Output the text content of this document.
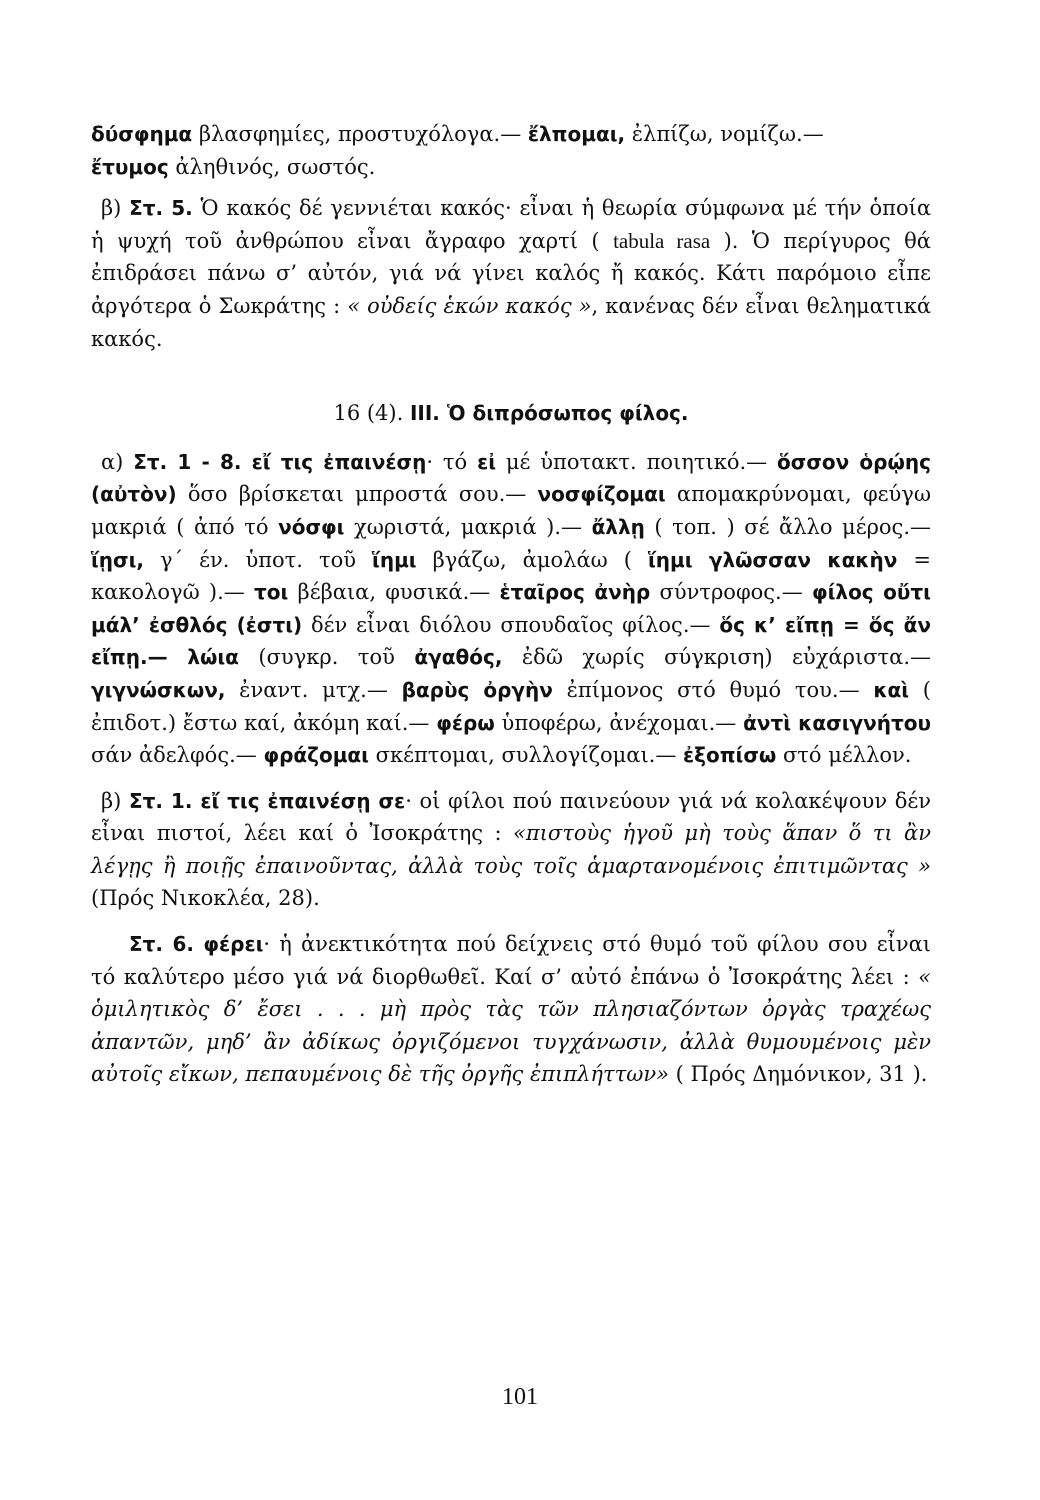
δύσφημα βλασφημίες, προστυχόλογα.— ἔλπομαι, ἐλπίζω, νομίζω.—
ἔτυμος ἀληθινός, σωστός.

β) Στ. 5. Ὁ κακός δέ γεννιέται κακός· εἶναι ἡ θεωρία σύμφωνα μέ τήν ὁποία ἡ ψυχή τοῦ ἀνθρώπου εἶναι ἄγραφο χαρτί ( tabula rasa ). Ὁ περίγυρος θά ἐπιδράσει πάνω σ’ αὐτόν, γιά νά γίνει καλός ἤ κακός. Κάτι παρόμοιο εἶπε ἀργότερα ὁ Σωκράτης : « οὐδείς ἑκών κακός », κανένας δέν εἶναι θεληματικά κακός.

16 (4). III. Ὁ διπρόσωπος φίλος.

α) Στ. 1 - 8. εἴ τις ἐπαινέσῃ· τό εἰ μέ ὑποτακτ. ποιητικό.— ὅσσον ὁρῴης (αὐτὸν) ὅσο βρίσκεται μπροστά σου.— νοσφίζομαι απομακρύνομαι, φεύγω μακριά ( ἀπό τό νόσφι χωριστά, μακριά ).— ἄλλῃ ( τοπ. ) σέ ἄλλο μέρος.— ἵῃσι, γ΄ έν. ὑποτ. τοῦ ἵημι βγάζω, ἀμολάω ( ἵημι γλῶσσαν κακὴν = κακολογῶ ).— τοι βέβαια, φυσικά.— ἑταῖρος ἀνὴρ σύντροφος.— φίλος οὔτι μάλ’ ἐσθλός (ἐστι) δέν εἶναι διόλου σπουδαῖος φίλος.— ὅς κ’ εἴπῃ = ὅς ἄν εἴπῃ.— λώια (συγκρ. τοῦ ἀγαθός, ἐδῶ χωρίς σύγκριση) εὐχάριστα.— γιγνώσκων, ἐναντ. μτχ.— βαρὺς ὀργὴν ἐπίμονος στό θυμό του.— καὶ ( ἐπιδοτ.) ἔστω καί, ἀκόμη καί.— φέρω ὑποφέρω, ἀνέχομαι.— ἀντὶ κασιγνήτου σάν ἀδελφός.— φράζομαι σκέπτομαι, συλλογίζομαι.— ἐξοπίσω στό μέλλον.

β) Στ. 1. εἴ τις ἐπαινέσῃ σε· οἱ φίλοι πού παινεύουν γιά νά κολακέψουν δέν εἶναι πιστοί, λέει καί ὁ Ἰσοκράτης : «πιστοὺς ἡγοῦ μὴ τοὺς ἅπαν ὅ τι ἂν λέγῃς ἢ ποιῇς ἐπαινοῦντας, ἀλλὰ τοὺς τοῖς ἁμαρτανομένοις ἐπιτιμῶντας » (Πρός Νικοκλέα, 28).

Στ. 6. φέρει· ἡ ἀνεκτικότητα πού δείχνεις στό θυμό τοῦ φίλου σου εἶναι τό καλύτερο μέσο γιά νά διορθωθεῖ. Καί σ’ αὐτό ἐπάνω ὁ Ἰσοκράτης λέει : « ὁμιλητικὸς δ’ ἔσει . . . μὴ πρὸς τὰς τῶν πλησιαζόντων ὀργὰς τραχέως ἀπαντῶν, μηδ’ ἂν ἀδίκως ὀργιζόμενοι τυγχάνωσιν, ἀλλὰ θυμουμένοις μὲν αὐτοῖς εἴκων, πεπαυμένοις δὲ τῆς ὀργῆς ἐπιπλήττων» ( Πρός Δημόνικον, 31 ).

101
